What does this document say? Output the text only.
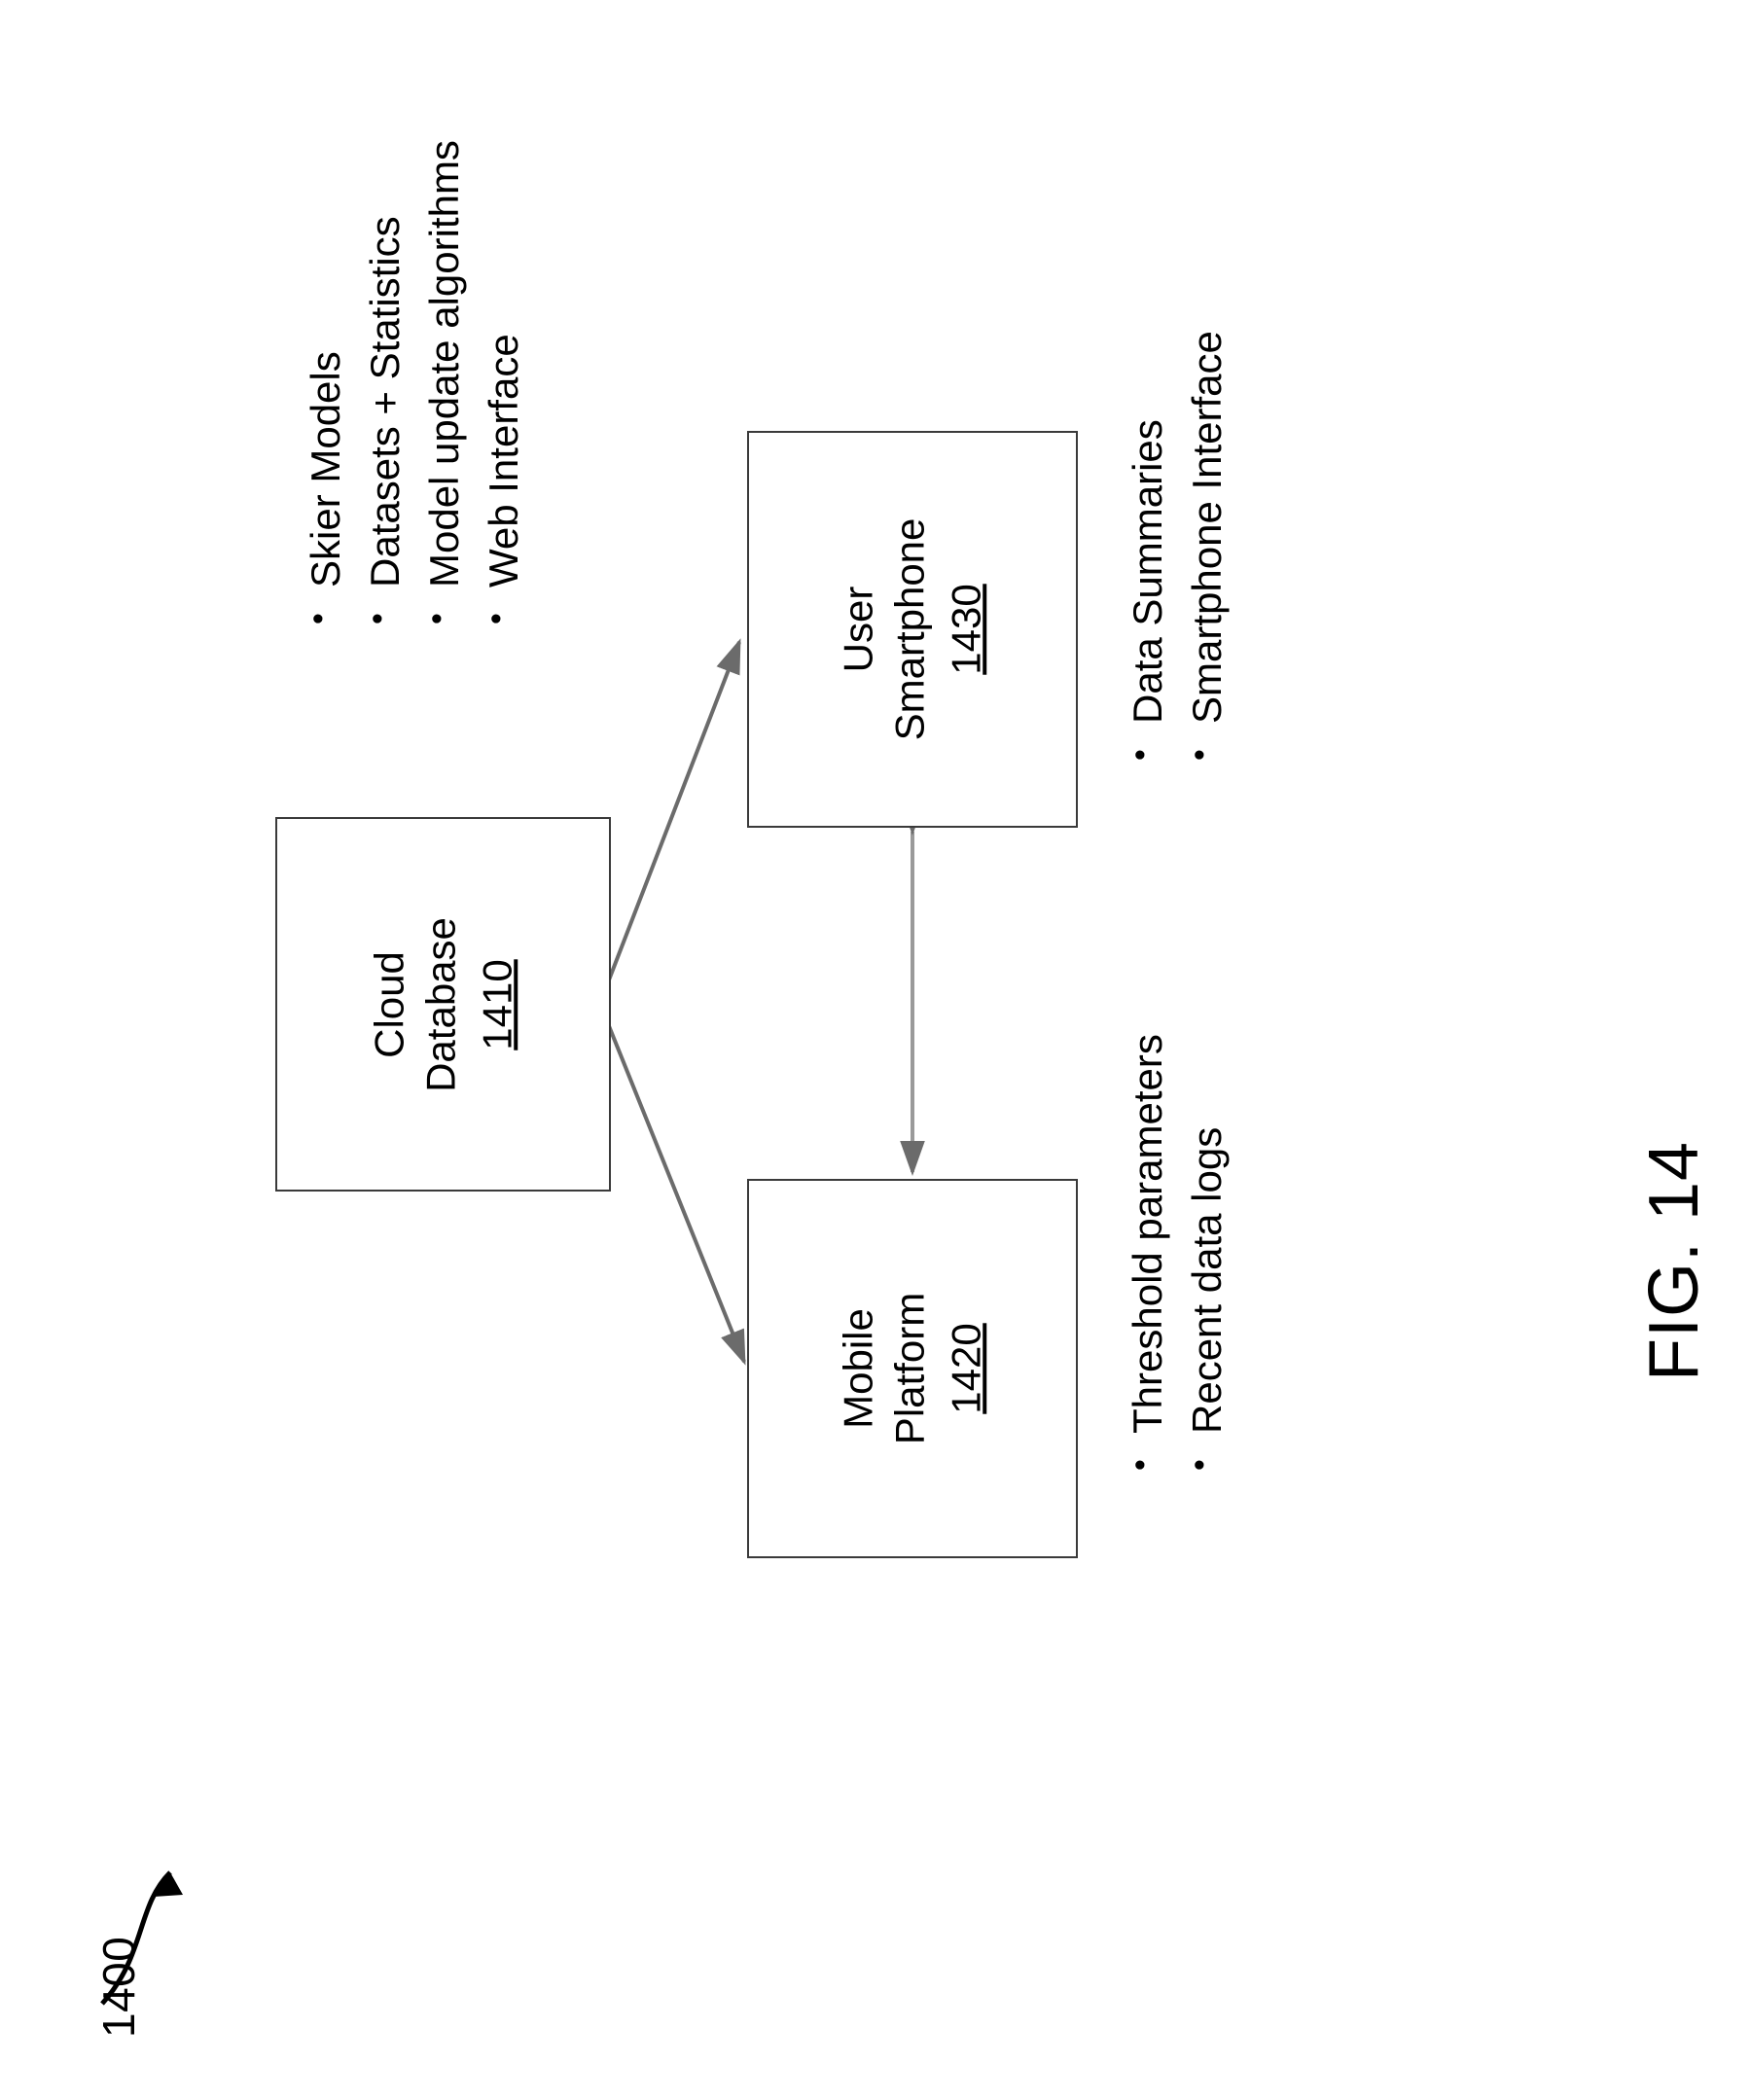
1400
FIG. 14
Cloud Database 1410
User Smartphone 1430
Mobile Platform 1420
• Skier Models • Datasets + Statistics • Model update algorithms • Web Interface	• Data Summaries • Smartphone Interface
• Threshold parameters • Recent data logs
